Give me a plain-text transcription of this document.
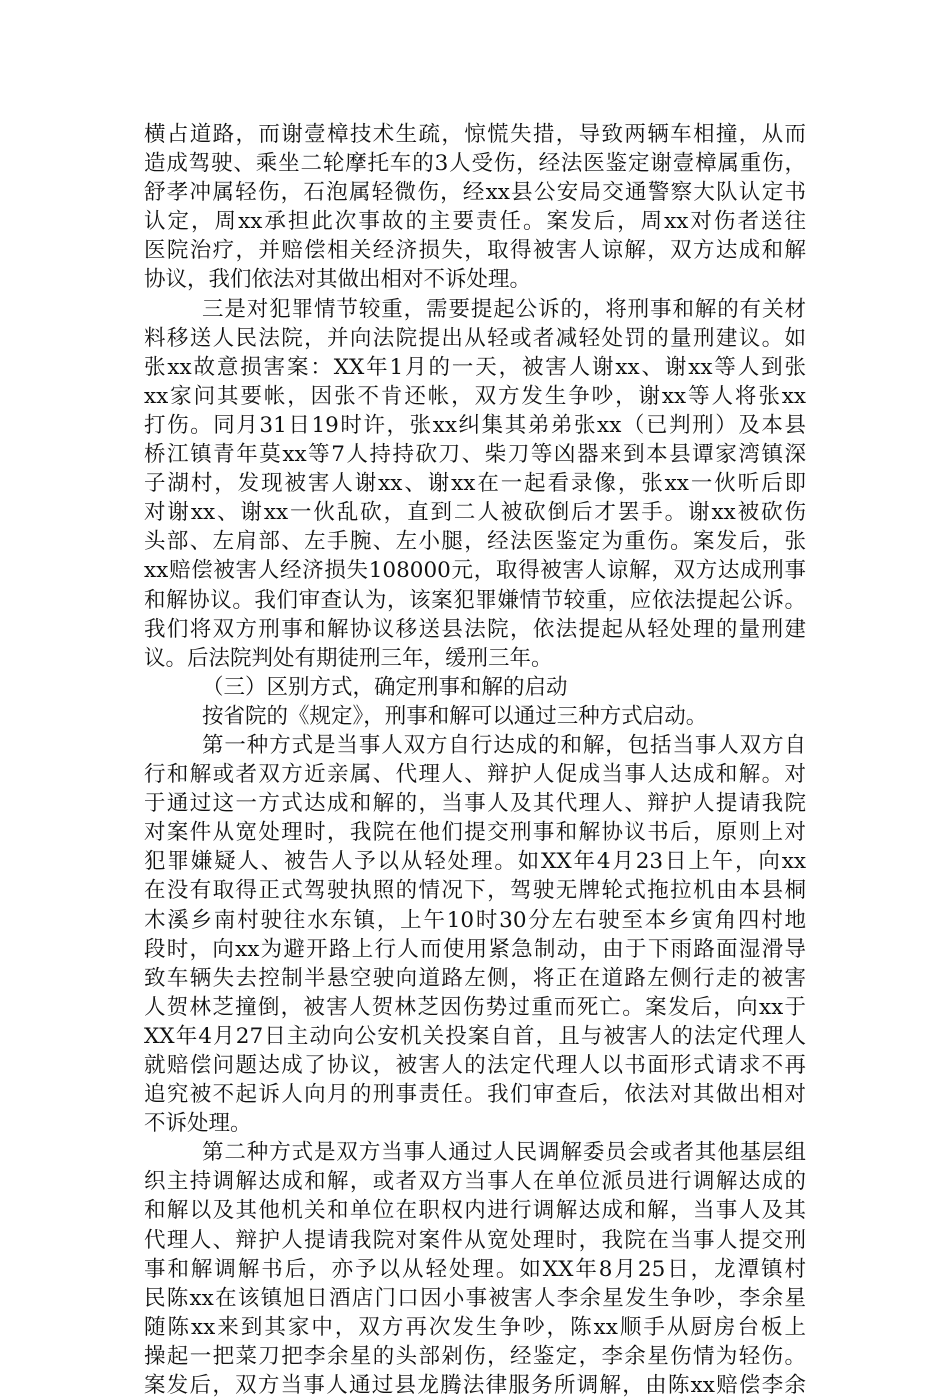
横占道路，而谢壹樟技术生疏，惊慌失措，导致两辆车相撞，从而
造成驾驶、乘坐二轮摩托车的3人受伤，经法医鉴定谢壹樟属重伤，
舒孝冲属轻伤，石泡属轻微伤，经xx县公安局交通警察大队认定书
认定，周xx承担此次事故的主要责任。案发后，周xx对伤者送往
医院治疗，并赔偿相关经济损失，取得被害人谅解，双方达成和解
协议，我们依法对其做出相对不诉处理。
三是对犯罪情节较重，需要提起公诉的，将刑事和解的有关材
料移送人民法院，并向法院提出从轻或者减轻处罚的量刑建议。如
张xx故意损害案：XX年1月的一天，被害人谢xx、谢xx等人到张
xx家问其要帐，因张不肯还帐，双方发生争吵，谢xx等人将张xx
打伤。同月31日19时许，张xx纠集其弟弟张xx（已判刑）及本县
桥江镇青年莫xx等7人持持砍刀、柴刀等凶器来到本县谭家湾镇深
子湖村，发现被害人谢xx、谢xx在一起看录像，张xx一伙听后即
对谢xx、谢xx一伙乱砍，直到二人被砍倒后才罢手。谢xx被砍伤
头部、左肩部、左手腕、左小腿，经法医鉴定为重伤。案发后，张
xx赔偿被害人经济损失108000元，取得被害人谅解，双方达成刑事
和解协议。我们审查认为，该案犯罪嫌情节较重，应依法提起公诉。
我们将双方刑事和解协议移送县法院，依法提起从轻处理的量刑建
议。后法院判处有期徒刑三年，缓刑三年。
（三）区别方式，确定刑事和解的启动
按省院的《规定》，刑事和解可以通过三种方式启动。
第一种方式是当事人双方自行达成的和解，包括当事人双方自
行和解或者双方近亲属、代理人、辩护人促成当事人达成和解。对
于通过这一方式达成和解的，当事人及其代理人、辩护人提请我院
对案件从宽处理时，我院在他们提交刑事和解协议书后，原则上对
犯罪嫌疑人、被告人予以从轻处理。如XX年4月23日上午，向xx
在没有取得正式驾驶执照的情况下，驾驶无牌轮式拖拉机由本县桐
木溪乡南村驶往水东镇，上午10时30分左右驶至本乡寅角四村地
段时，向xx为避开路上行人而使用紧急制动，由于下雨路面湿滑导
致车辆失去控制半悬空驶向道路左侧，将正在道路左侧行走的被害
人贺林芝撞倒，被害人贺林芝因伤势过重而死亡。案发后，向xx于
XX年4月27日主动向公安机关投案自首，且与被害人的法定代理人
就赔偿问题达成了协议，被害人的法定代理人以书面形式请求不再
追究被不起诉人向月的刑事责任。我们审查后，依法对其做出相对
不诉处理。
第二种方式是双方当事人通过人民调解委员会或者其他基层组
织主持调解达成和解，或者双方当事人在单位派员进行调解达成的
和解以及其他机关和单位在职权内进行调解达成和解，当事人及其
代理人、辩护人提请我院对案件从宽处理时，我院在当事人提交刑
事和解调解书后，亦予以从轻处理。如XX年8月25日，龙潭镇村
民陈xx在该镇旭日酒店门口因小事被害人李余星发生争吵，李余星
随陈xx来到其家中，双方再次发生争吵，陈xx顺手从厨房台板上
操起一把菜刀把李余星的头部剁伤，经鉴定，李余星伤情为轻伤。
案发后，双方当事人通过县龙腾法律服务所调解，由陈xx赔偿李余
